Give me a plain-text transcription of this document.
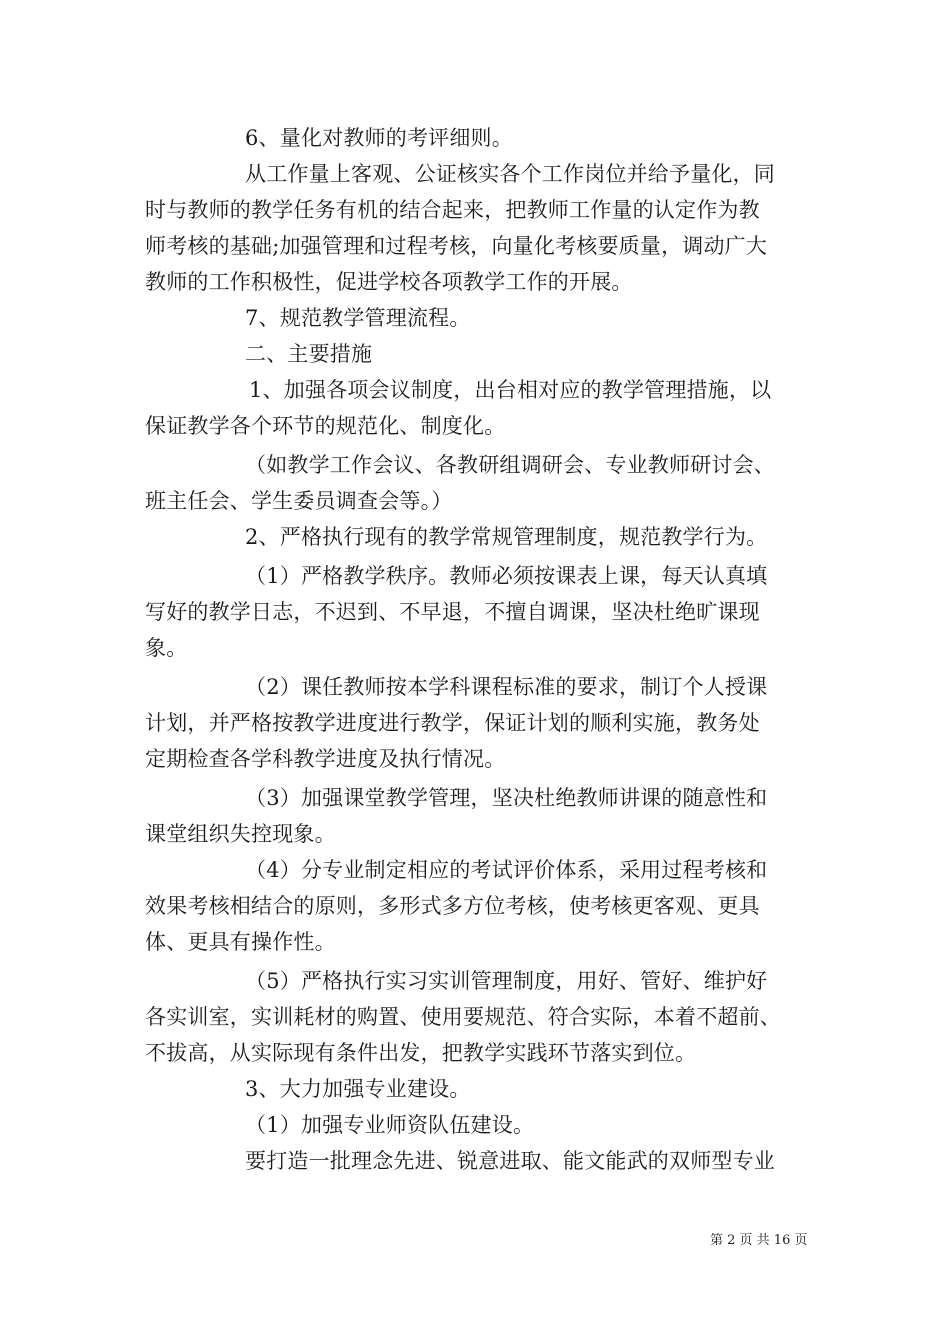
6、量化对教师的考评细则。
从工作量上客观、公证核实各个工作岗位并给予量化，同
时与教师的教学任务有机的结合起来，把教师工作量的认定作为教
师考核的基础;加强管理和过程考核，向量化考核要质量，调动广大
教师的工作积极性，促进学校各项教学工作的开展。
7、规范教学管理流程。
二、主要措施
1、加强各项会议制度，出台相对应的教学管理措施，以
保证教学各个环节的规范化、制度化。
（如教学工作会议、各教研组调研会、专业教师研讨会、
班主任会、学生委员调查会等。）
2、严格执行现有的教学常规管理制度，规范教学行为。
（1）严格教学秩序。教师必须按课表上课，每天认真填
写好的教学日志，不迟到、不早退，不擅自调课，坚决杜绝旷课现
象。
（2）课任教师按本学科课程标准的要求，制订个人授课
计划，并严格按教学进度进行教学，保证计划的顺利实施，教务处
定期检查各学科教学进度及执行情况。
（3）加强课堂教学管理，坚决杜绝教师讲课的随意性和
课堂组织失控现象。
（4）分专业制定相应的考试评价体系，采用过程考核和
效果考核相结合的原则，多形式多方位考核，使考核更客观、更具
体、更具有操作性。
（5）严格执行实习实训管理制度，用好、管好、维护好
各实训室，实训耗材的购置、使用要规范、符合实际，本着不超前、
不拔高，从实际现有条件出发，把教学实践环节落实到位。
3、大力加强专业建设。
（1）加强专业师资队伍建设。
要打造一批理念先进、锐意进取、能文能武的双师型专业
第 2 页 共 16 页
